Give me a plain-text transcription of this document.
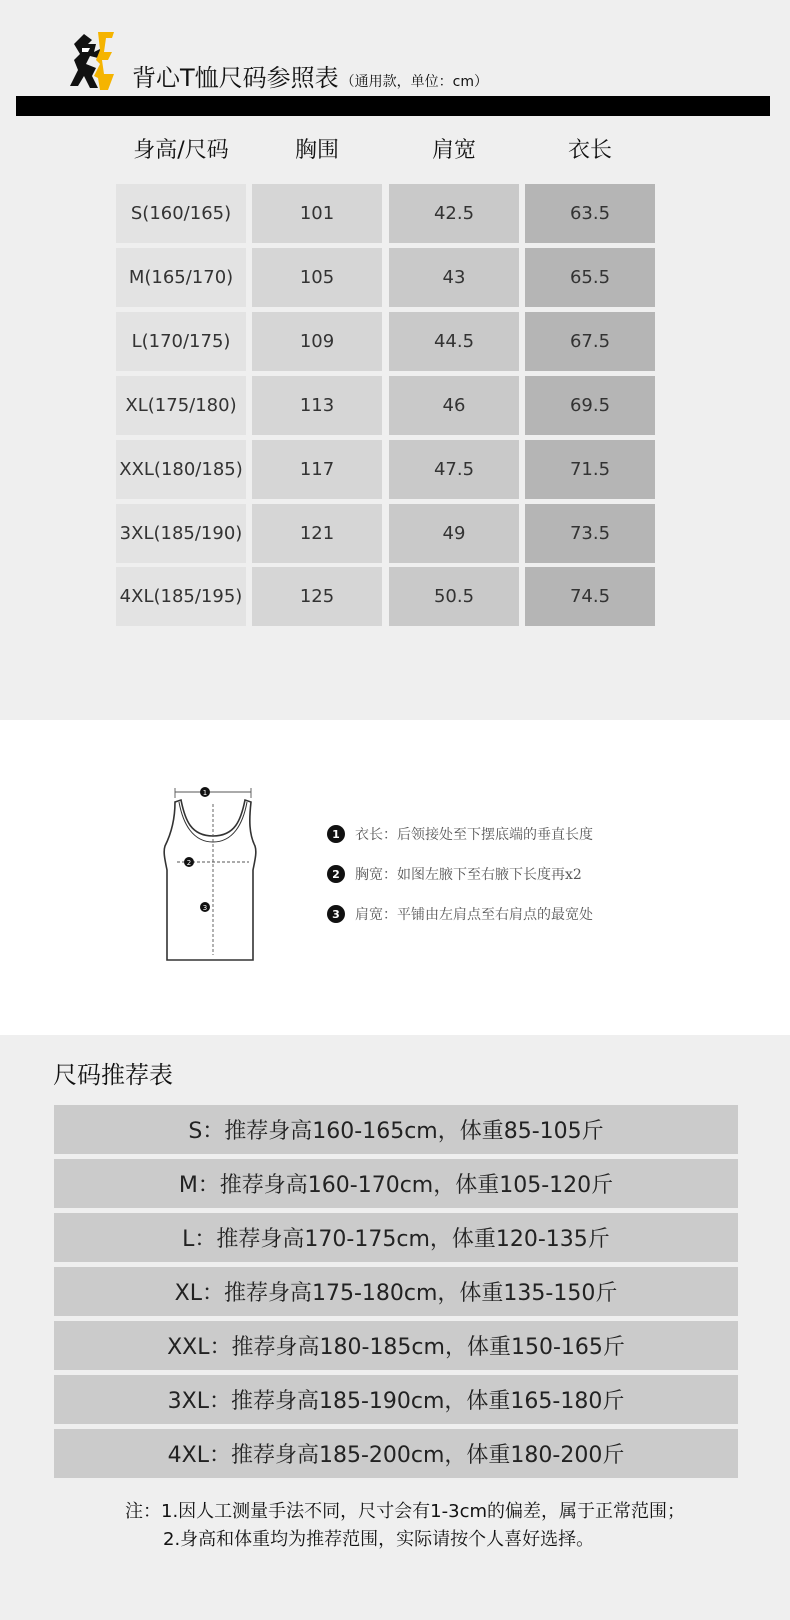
背心T恤尺码参照表 （通用款，单位：cm）
身高/尺码	胸围	肩宽	衣长
S(160/165)	101	42.5	63.5
M(165/170)	105	43	65.5
L(170/175)	109	44.5	67.5
XL(175/180)	113	46	69.5
XXL(180/185)	117	47.5	71.5
3XL(185/190)	121	49	73.5
4XL(185/195)	125	50.5	74.5
1
2
3
1	衣长：后领接处至下摆底端的垂直长度
2	胸宽：如图左腋下至右腋下长度再x2
3	肩宽：平铺由左肩点至右肩点的最宽处
尺码推荐表
S：推荐身高160-165cm，体重85-105斤
M：推荐身高160-170cm，体重105-120斤
L：推荐身高170-175cm，体重120-135斤
XL：推荐身高175-180cm，体重135-150斤
XXL：推荐身高180-185cm，体重150-165斤
3XL：推荐身高185-190cm，体重165-180斤
4XL：推荐身高185-200cm，体重180-200斤
注：1.因人工测量手法不同，尺寸会有1-3cm的偏差，属于正常范围；
2.身高和体重均为推荐范围，实际请按个人喜好选择。
